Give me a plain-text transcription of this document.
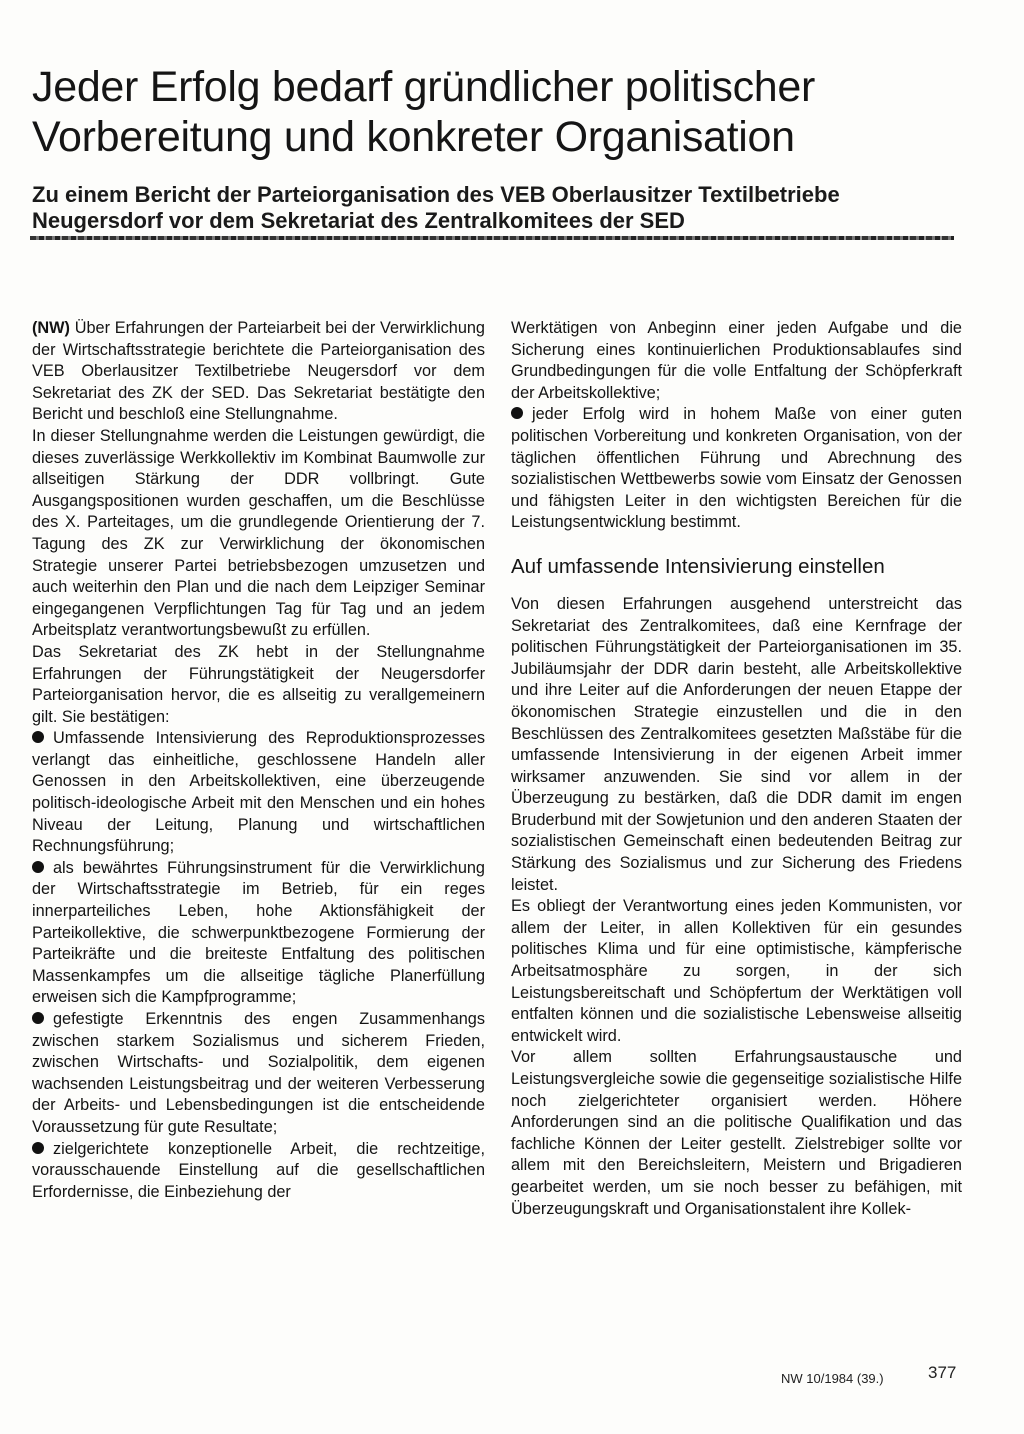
Jeder Erfolg bedarf gründlicher politischer
Vorbereitung und konkreter Organisation
Zu einem Bericht der Parteiorganisation des VEB Oberlausitzer Textilbetriebe
Neugersdorf vor dem Sekretariat des Zentralkomitees der SED

(NW) Über Erfahrungen der Parteiarbeit bei der Verwirklichung der Wirtschaftsstrategie berichtete die Parteiorganisation des VEB Oberlausitzer Textilbetriebe Neugersdorf vor dem Sekretariat des ZK der SED. Das Sekretariat bestätigte den Bericht und beschloß eine Stellungnahme.

In dieser Stellungnahme werden die Leistungen gewürdigt, die dieses zuverlässige Werkkollektiv im Kombinat Baumwolle zur allseitigen Stärkung der DDR vollbringt. Gute Ausgangspositionen wurden geschaffen, um die Beschlüsse des X. Parteitages, um die grundlegende Orientierung der 7. Tagung des ZK zur Verwirklichung der ökonomischen Strategie unserer Partei betriebsbezogen umzusetzen und auch weiterhin den Plan und die nach dem Leipziger Seminar eingegangenen Verpflichtungen Tag für Tag und an jedem Arbeitsplatz verantwortungsbewußt zu erfüllen.

Das Sekretariat des ZK hebt in der Stellungnahme Erfahrungen der Führungstätigkeit der Neugersdorfer Parteiorganisation hervor, die es allseitig zu verallgemeinern gilt. Sie bestätigen:

Umfassende Intensivierung des Reproduktionsprozesses verlangt das einheitliche, geschlossene Handeln aller Genossen in den Arbeitskollektiven, eine überzeugende politisch-ideologische Arbeit mit den Menschen und ein hohes Niveau der Leitung, Planung und wirtschaftlichen Rechnungsführung;

als bewährtes Führungsinstrument für die Verwirklichung der Wirtschaftsstrategie im Betrieb, für ein reges innerparteiliches Leben, hohe Aktionsfähigkeit der Parteikollektive, die schwerpunktbezogene Formierung der Parteikräfte und die breiteste Entfaltung des politischen Massenkampfes um die allseitige tägliche Planerfüllung erweisen sich die Kampfprogramme;

gefestigte Erkenntnis des engen Zusammenhangs zwischen starkem Sozialismus und sicherem Frieden, zwischen Wirtschafts- und Sozialpolitik, dem eigenen wachsenden Leistungsbeitrag und der weiteren Verbesserung der Arbeits- und Lebensbedingungen ist die entscheidende Voraussetzung für gute Resultate;

zielgerichtete konzeptionelle Arbeit, die rechtzeitige, vorausschauende Einstellung auf die gesellschaftlichen Erfordernisse, die Einbeziehung der

Werktätigen von Anbeginn einer jeden Aufgabe und die Sicherung eines kontinuierlichen Produktionsablaufes sind Grundbedingungen für die volle Entfaltung der Schöpferkraft der Arbeitskollektive;

jeder Erfolg wird in hohem Maße von einer guten politischen Vorbereitung und konkreten Organisation, von der täglichen öffentlichen Führung und Abrechnung des sozialistischen Wettbewerbs sowie vom Einsatz der Genossen und fähigsten Leiter in den wichtigsten Bereichen für die Leistungsentwicklung bestimmt.

Auf umfassende Intensivierung einstellen

Von diesen Erfahrungen ausgehend unterstreicht das Sekretariat des Zentralkomitees, daß eine Kernfrage der politischen Führungstätigkeit der Parteiorganisationen im 35. Jubiläumsjahr der DDR darin besteht, alle Arbeitskollektive und ihre Leiter auf die Anforderungen der neuen Etappe der ökonomischen Strategie einzustellen und die in den Beschlüssen des Zentralkomitees gesetzten Maßstäbe für die umfassende Intensivierung in der eigenen Arbeit immer wirksamer anzuwenden. Sie sind vor allem in der Überzeugung zu bestärken, daß die DDR damit im engen Bruderbund mit der Sowjetunion und den anderen Staaten der sozialistischen Gemeinschaft einen bedeutenden Beitrag zur Stärkung des Sozialismus und zur Sicherung des Friedens leistet.

Es obliegt der Verantwortung eines jeden Kommunisten, vor allem der Leiter, in allen Kollektiven für ein gesundes politisches Klima und für eine optimistische, kämpferische Arbeitsatmosphäre zu sorgen, in der sich Leistungsbereitschaft und Schöpfertum der Werktätigen voll entfalten können und die sozialistische Lebensweise allseitig entwickelt wird.

Vor allem sollten Erfahrungsaustausche und Leistungsvergleiche sowie die gegenseitige sozialistische Hilfe noch zielgerichteter organisiert werden. Höhere Anforderungen sind an die politische Qualifikation und das fachliche Können der Leiter gestellt. Zielstrebiger sollte vor allem mit den Bereichsleitern, Meistern und Brigadieren gearbeitet werden, um sie noch besser zu befähigen, mit Überzeugungskraft und Organisationstalent ihre Kollek-

NW 10/1984 (39.)	377
